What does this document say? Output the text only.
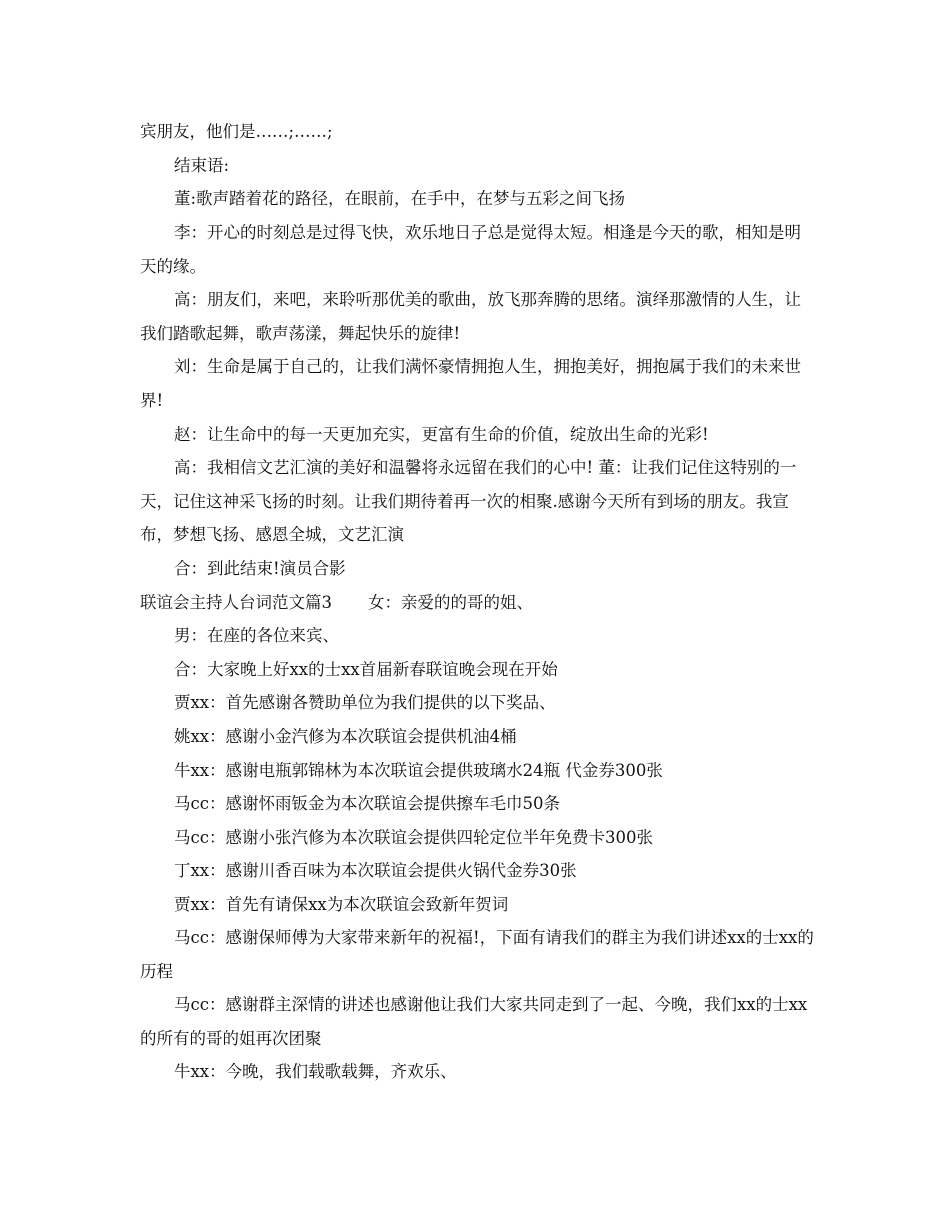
宾朋友，他们是……;……;

结束语:

董:歌声踏着花的路径，在眼前，在手中，在梦与五彩之间飞扬

李：开心的时刻总是过得飞快，欢乐地日子总是觉得太短。相逢是今天的歌，相知是明天的缘。

高：朋友们，来吧，来聆听那优美的歌曲，放飞那奔腾的思绪。演绎那激情的人生，让我们踏歌起舞，歌声荡漾，舞起快乐的旋律!

刘：生命是属于自己的，让我们满怀豪情拥抱人生，拥抱美好，拥抱属于我们的未来世界!

赵：让生命中的每一天更加充实，更富有生命的价值，绽放出生命的光彩!

高：我相信文艺汇演的美好和温馨将永远留在我们的心中! 董：让我们记住这特别的一天，记住这神采飞扬的时刻。让我们期待着再一次的相聚.感谢今天所有到场的朋友。我宣布，梦想飞扬、感恩全城，文艺汇演

合：到此结束!演员合影

联谊会主持人台词范文篇3 女：亲爱的的哥的姐、

男：在座的各位来宾、

合：大家晚上好xx的士xx首届新春联谊晚会现在开始

贾xx：首先感谢各赞助单位为我们提供的以下奖品、

姚xx：感谢小金汽修为本次联谊会提供机油4桶

牛xx：感谢电瓶郭锦林为本次联谊会提供玻璃水24瓶 代金券300张

马cc：感谢怀雨钣金为本次联谊会提供擦车毛巾50条

马cc：感谢小张汽修为本次联谊会提供四轮定位半年免费卡300张

丁xx：感谢川香百味为本次联谊会提供火锅代金券30张

贾xx：首先有请保xx为本次联谊会致新年贺词

马cc：感谢保师傅为大家带来新年的祝福!，下面有请我们的群主为我们讲述xx的士xx的历程

马cc：感谢群主深情的讲述也感谢他让我们大家共同走到了一起、今晚，我们xx的士xx的所有的哥的姐再次团聚

牛xx：今晚，我们载歌载舞，齐欢乐、
